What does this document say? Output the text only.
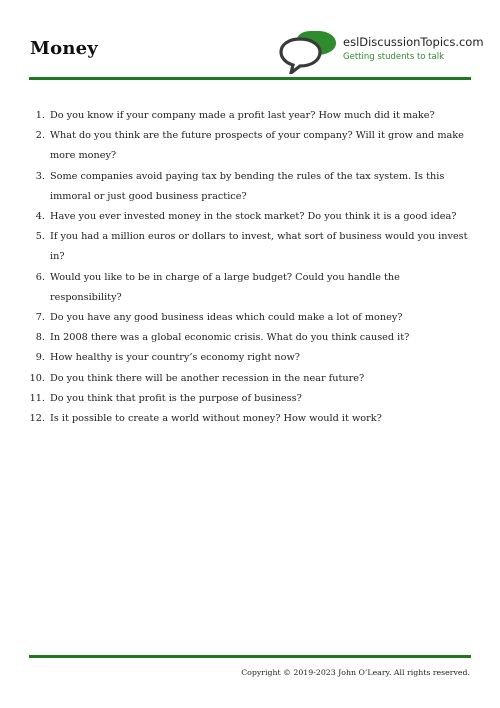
Money	eslDiscussionTopics.com
Getting students to talk
1. Do you know if your company made a profit last year? How much did it make?
2. What do you think are the future prospects of your company? Will it grow and make more money?
3. Some companies avoid paying tax by bending the rules of the tax system. Is this immoral or just good business practice?
4. Have you ever invested money in the stock market? Do you think it is a good idea?
5. If you had a million euros or dollars to invest, what sort of business would you invest in?
6. Would you like to be in charge of a large budget? Could you handle the responsibility?
7. Do you have any good business ideas which could make a lot of money?
8. In 2008 there was a global economic crisis. What do you think caused it?
9. How healthy is your country’s economy right now?
10. Do you think there will be another recession in the near future?
11. Do you think that profit is the purpose of business?
12. Is it possible to create a world without money? How would it work?
Copyright © 2019-2023 John O’Leary. All rights reserved.
